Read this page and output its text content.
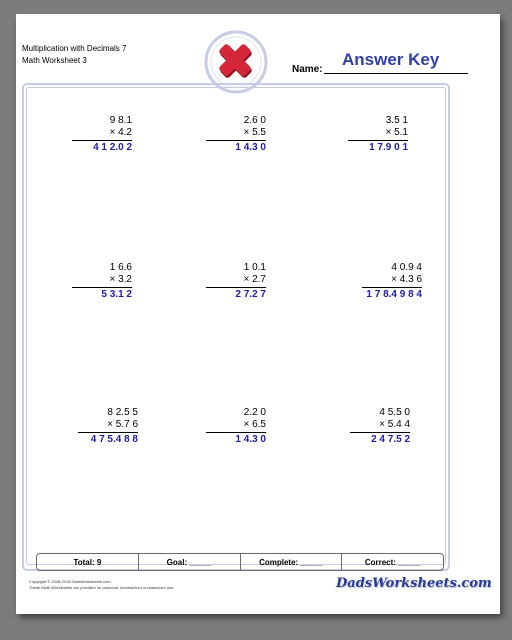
Multiplication with Decimals 7
Math Worksheet 3
Name:
Answer Key
9 8.1
× 4.2
4 1 2.0 2
2.6 0
× 5.5
1 4.3 0
3.5 1
× 5.1
1 7.9 0 1
1 6.6
× 3.2
5 3.1 2
1 0.1
× 2.7
2 7.2 7
4 0.9 4
× 4.3 6
1 7 8.4 9 8 4
8 2.5 5
× 5.7 6
4 7 5.4 8 8
2.2 0
× 6.5
1 4.3 0
4 5.5 0
× 5.4 4
2 4 7.5 2
Total: 9	Goal: _____	Complete: _____	Correct: _____
Copyright © 2008-2018 DadsWorksheets.com
These Math Worksheets are provided for personal, homeschool or classroom use.	DadsWorksheets.com
